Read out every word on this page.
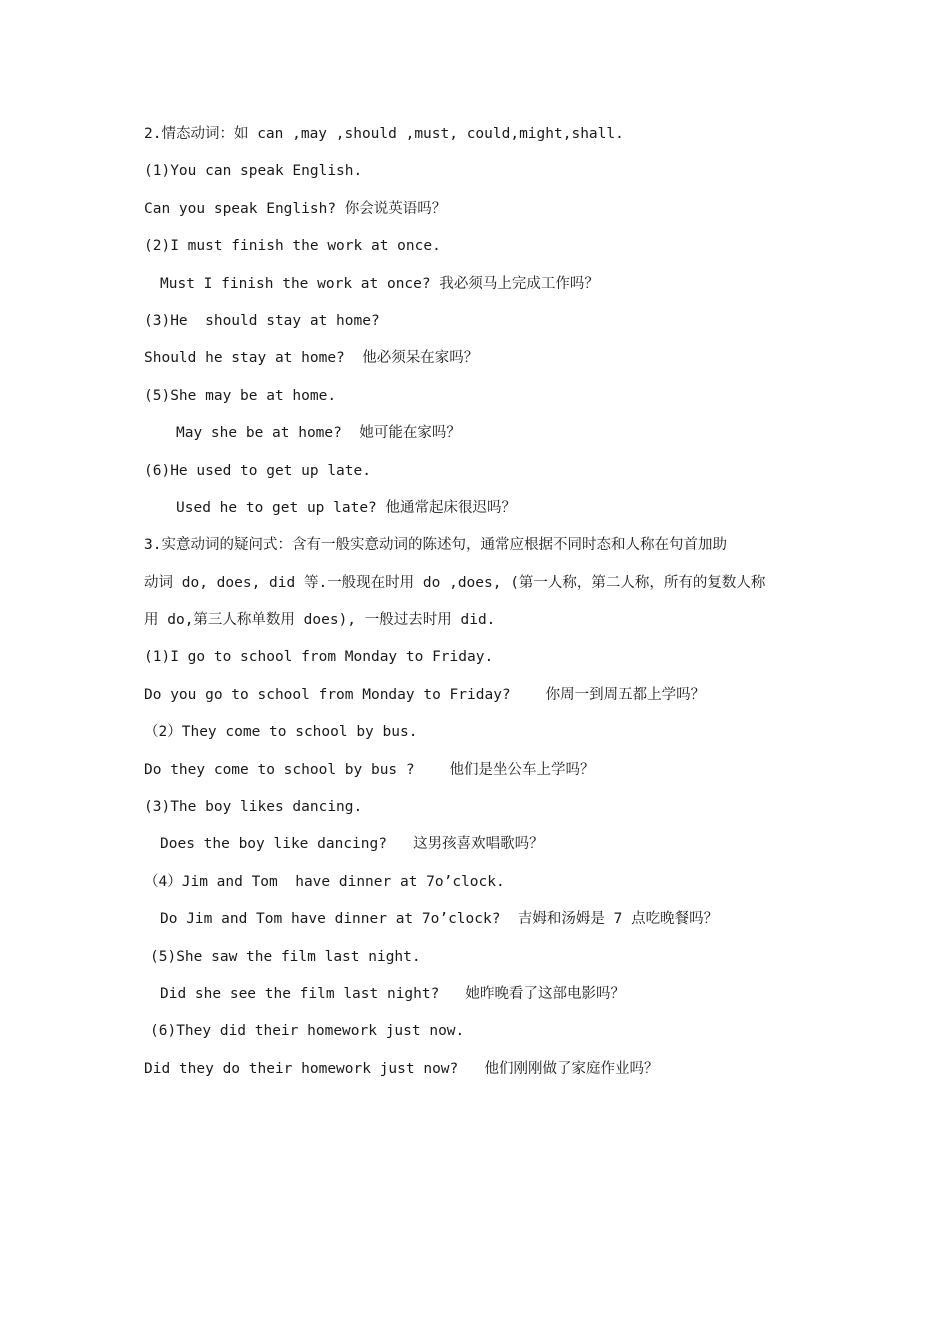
2.情态动词：如 can ,may ,should ,must, could,might,shall.
(1)You can speak English.
Can you speak English? 你会说英语吗？
(2)I must finish the work at once.
Must I finish the work at once? 我必须马上完成工作吗？
(3)He  should stay at home?
Should he stay at home?  他必须呆在家吗？
(5)She may be at home.
May she be at home?  她可能在家吗？
(6)He used to get up late.
Used he to get up late? 他通常起床很迟吗？
3.实意动词的疑问式：含有一般实意动词的陈述句，通常应根据不同时态和人称在句首加助
动词 do, does, did 等.一般现在时用 do ,does, (第一人称，第二人称，所有的复数人称
用 do,第三人称单数用 does), 一般过去时用 did.
(1)I go to school from Monday to Friday.
Do you go to school from Monday to Friday?    你周一到周五都上学吗？
（2）They come to school by bus.
Do they come to school by bus ?    他们是坐公车上学吗？
(3)The boy likes dancing.
Does the boy like dancing?   这男孩喜欢唱歌吗？
（4）Jim and Tom  have dinner at 7o’clock.
Do Jim and Tom have dinner at 7o’clock?  吉姆和汤姆是 7 点吃晚餐吗？
(5)She saw the film last night.
Did she see the film last night?   她昨晚看了这部电影吗？
(6)They did their homework just now.
Did they do their homework just now?   他们刚刚做了家庭作业吗？
